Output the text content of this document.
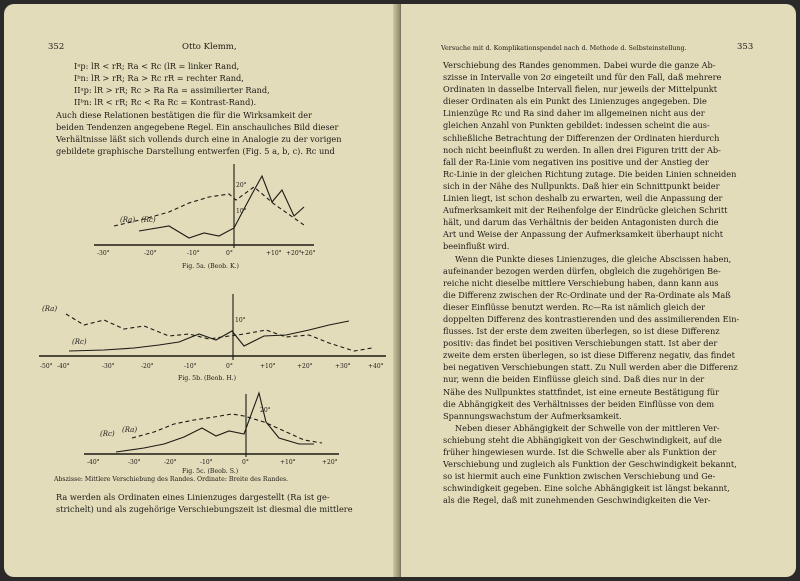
352	Otto Klemm,
Iᵃp: lR < rR; Ra < Rc (lR = linker Rand,
Iᵇn: lR > rR; Ra > Rc rR = rechter Rand,
IIᵃp: lR > rR; Rc > Ra Ra = assimilierter Rand,
IIᵇn: lR < rR; Rc < Ra Rc = Kontrast-Rand).
Auch diese Relationen bestätigen die für die Wirksamkeit der
beiden Tendenzen angegebene Regel. Ein anschauliches Bild dieser
Verhältnisse läßt sich vollends durch eine in Analogie zu der vorigen
gebildete graphische Darstellung entwerfen (Fig. 5 a, b, c). Rc und
(Ra) (Rc)
-30°	-20°	-10°	0°	+10° +20°
+26°
20°
10°
(Ra)
(Rc)
-50° -40°	-30°	-20°	-10°	0°	+10°	+20°	+30°	+40°
10°
(Rc) (Ra)
-40°	-30°	-20°	-10°	0°	+10°	+20°
20°
Fig. 5a. (Beob. K.)
Fig. 5b. (Beob. H.)
Fig. 5c. (Beob. S.)
Abszisse: Mittlere Verschiebung des Randes. Ordinate: Breite des Randes.
Ra werden als Ordinaten eines Linienzuges dargestellt (Ra ist ge-
strichelt) und als zugehörige Verschiebungszeit ist diesmal die mittlere
Versuche mit d. Komplikationspendel nach d. Methode d. Selbsteinstellung.	353
Verschiebung des Randes genommen. Dabei wurde die ganze Ab-
szisse in Intervalle von 2σ eingeteilt und für den Fall, daß mehrere
Ordinaten in dasselbe Intervall fielen, nur jeweils der Mittelpunkt
dieser Ordinaten als ein Punkt des Linienzuges angegeben. Die
Linienzüge Rc und Ra sind daher im allgemeinen nicht aus der
gleichen Anzahl von Punkten gebildet: indessen scheint die aus-
schließliche Betrachtung der Differenzen der Ordinaten hierdurch
noch nicht beeinflußt zu werden. In allen drei Figuren tritt der Ab-
fall der Ra-Linie vom negativen ins positive und der Anstieg der
Rc-Linie in der gleichen Richtung zutage. Die beiden Linien schneiden
sich in der Nähe des Nullpunkts. Daß hier ein Schnittpunkt beider
Linien liegt, ist schon deshalb zu erwarten, weil die Anpassung der
Aufmerksamkeit mit der Reihenfolge der Eindrücke gleichen Schritt
hält, und darum das Verhältnis der beiden Antagonisten durch die
Art und Weise der Anpassung der Aufmerksamkeit überhaupt nicht
beeinflußt wird.
Wenn die Punkte dieses Linienzuges, die gleiche Abscissen haben,
aufeinander bezogen werden dürfen, obgleich die zugehörigen Be-
reiche nicht dieselbe mittlere Verschiebung haben, dann kann aus
die Differenz zwischen der Rc-Ordinate und der Ra-Ordinate als Maß
dieser Einflüsse benutzt werden. Rc—Ra ist nämlich gleich der
doppelten Differenz des kontrastierenden und des assimilierenden Ein-
flusses. Ist der erste dem zweiten überlegen, so ist diese Differenz
positiv: das findet bei positiven Verschiebungen statt. Ist aber der
zweite dem ersten überlegen, so ist diese Differenz negativ, das findet
bei negativen Verschiebungen statt. Zu Null werden aber die Differenz
nur, wenn die beiden Einflüsse gleich sind. Daß dies nur in der
Nähe des Nullpunktes stattfindet, ist eine erneute Bestätigung für
die Abhängigkeit des Verhältnisses der beiden Einflüsse von dem
Spannungswachstum der Aufmerksamkeit.
Neben dieser Abhängigkeit der Schwelle von der mittleren Ver-
schiebung steht die Abhängigkeit von der Geschwindigkeit, auf die
früher hingewiesen wurde. Ist die Schwelle aber als Funktion der
Verschiebung und zugleich als Funktion der Geschwindigkeit bekannt,
so ist hiermit auch eine Funktion zwischen Verschiebung und Ge-
schwindigkeit gegeben. Eine solche Abhängigkeit ist längst bekannt,
als die Regel, daß mit zunehmenden Geschwindigkeiten die Ver-
